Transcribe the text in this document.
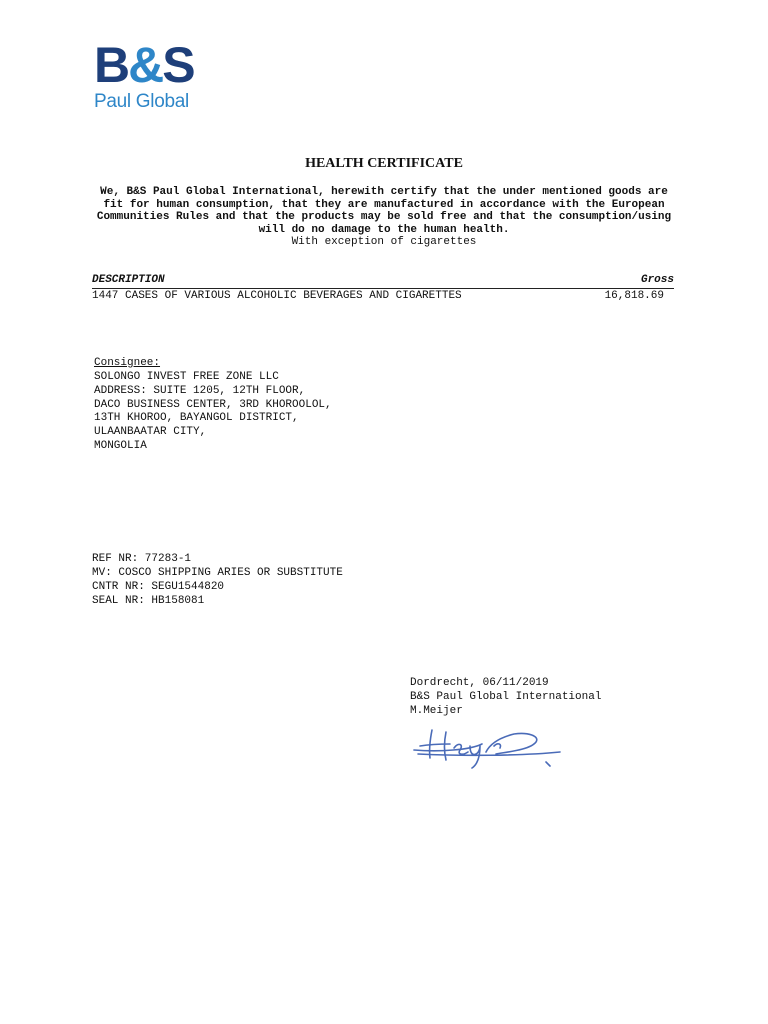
B&S
Paul Global
HEALTH CERTIFICATE
We, B&S Paul Global International, herewith certify that the under mentioned goods are fit for human consumption, that they are manufactured in accordance with the European Communities Rules and that the products may be sold free and that the consumption/using will do no damage to the human health.
With exception of cigarettes
DESCRIPTION	Gross
1447 CASES OF VARIOUS ALCOHOLIC BEVERAGES AND CIGARETTES	16,818.69
Consignee:
SOLONGO INVEST FREE ZONE LLC
ADDRESS: SUITE 1205, 12TH FLOOR,
DACO BUSINESS CENTER, 3RD KHOROOLOL,
13TH KHOROO, BAYANGOL DISTRICT,
ULAANBAATAR CITY,
MONGOLIA
REF NR: 77283-1
MV: COSCO SHIPPING ARIES OR SUBSTITUTE
CNTR NR: SEGU1544820
SEAL NR: HB158081
Dordrecht, 06/11/2019
B&S Paul Global International
M.Meijer
